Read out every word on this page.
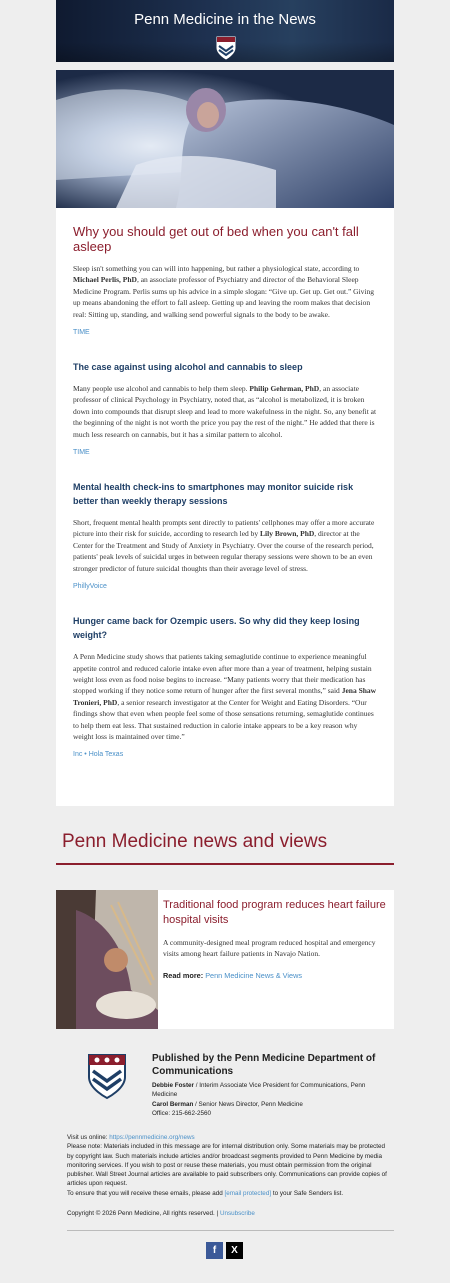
Penn Medicine in the News
Why you should get out of bed when you can't fall asleep

Sleep isn't something you can will into happening, but rather a physiological state, according to Michael Perlis, PhD, an associate professor of Psychiatry and director of the Behavioral Sleep Medicine Program. Perlis sums up his advice in a simple slogan: “Give up. Get up. Get out.” Giving up means abandoning the effort to fall asleep. Getting up and leaving the room makes that decision real: Sitting up, standing, and walking send powerful signals to the body to be awake.

TIME
The case against using alcohol and cannabis to sleep

Many people use alcohol and cannabis to help them sleep. Philip Gehrman, PhD, an associate professor of clinical Psychology in Psychiatry, noted that, as “alcohol is metabolized, it is broken down into compounds that disrupt sleep and lead to more wakefulness in the night. So, any benefit at the beginning of the night is not worth the price you pay the rest of the night.” He added that there is much less research on cannabis, but it has a similar pattern to alcohol.

TIME
Mental health check-ins to smartphones may monitor suicide risk better than weekly therapy sessions

Short, frequent mental health prompts sent directly to patients' cellphones may offer a more accurate picture into their risk for suicide, according to research led by Lily Brown, PhD, director at the Center for the Treatment and Study of Anxiety in Psychiatry. Over the course of the research period, patients' peak levels of suicidal urges in between regular therapy sessions were shown to be an even stronger predictor of future suicidal thoughts than their average level of stress.

PhillyVoice
Hunger came back for Ozempic users. So why did they keep losing weight?

A Penn Medicine study shows that patients taking semaglutide continue to experience meaningful appetite control and reduced calorie intake even after more than a year of treatment, helping sustain weight loss even as food noise begins to increase. “Many patients worry that their medication has stopped working if they notice some return of hunger after the first several months,” said Jena Shaw Tronieri, PhD, a senior research investigator at the Center for Weight and Eating Disorders. “Our findings show that even when people feel some of those sensations returning, semaglutide continues to help them eat less. That sustained reduction in calorie intake appears to be a key reason why weight loss is maintained over time.”

Inc • Hola Texas
Penn Medicine news and views
Traditional food program reduces heart failure hospital visits

A community-designed meal program reduced hospital and emergency visits among heart failure patients in Navajo Nation.

Read more: Penn Medicine News & Views
Published by the Penn Medicine Department of Communications
Debbie Foster / Interim Associate Vice President for Communications, Penn Medicine
Carol Berman / Senior News Director, Penn Medicine
Office: 215-662-2560

Visit us online: https://pennmedicine.org/news

Please note: Materials included in this message are for internal distribution only. Some materials may be protected by copyright law. Such materials include articles and/or broadcast segments provided to Penn Medicine by media monitoring services. If you wish to post or reuse these materials, you must obtain permission from the original publisher. Wall Street Journal articles are available to paid subscribers only. Communications can provide copies of articles upon request.

To ensure that you will receive these emails, please add [email protected] to your Safe Senders list.

Copyright © 2026 Penn Medicine, All rights reserved. | Unsubscribe
f	X
